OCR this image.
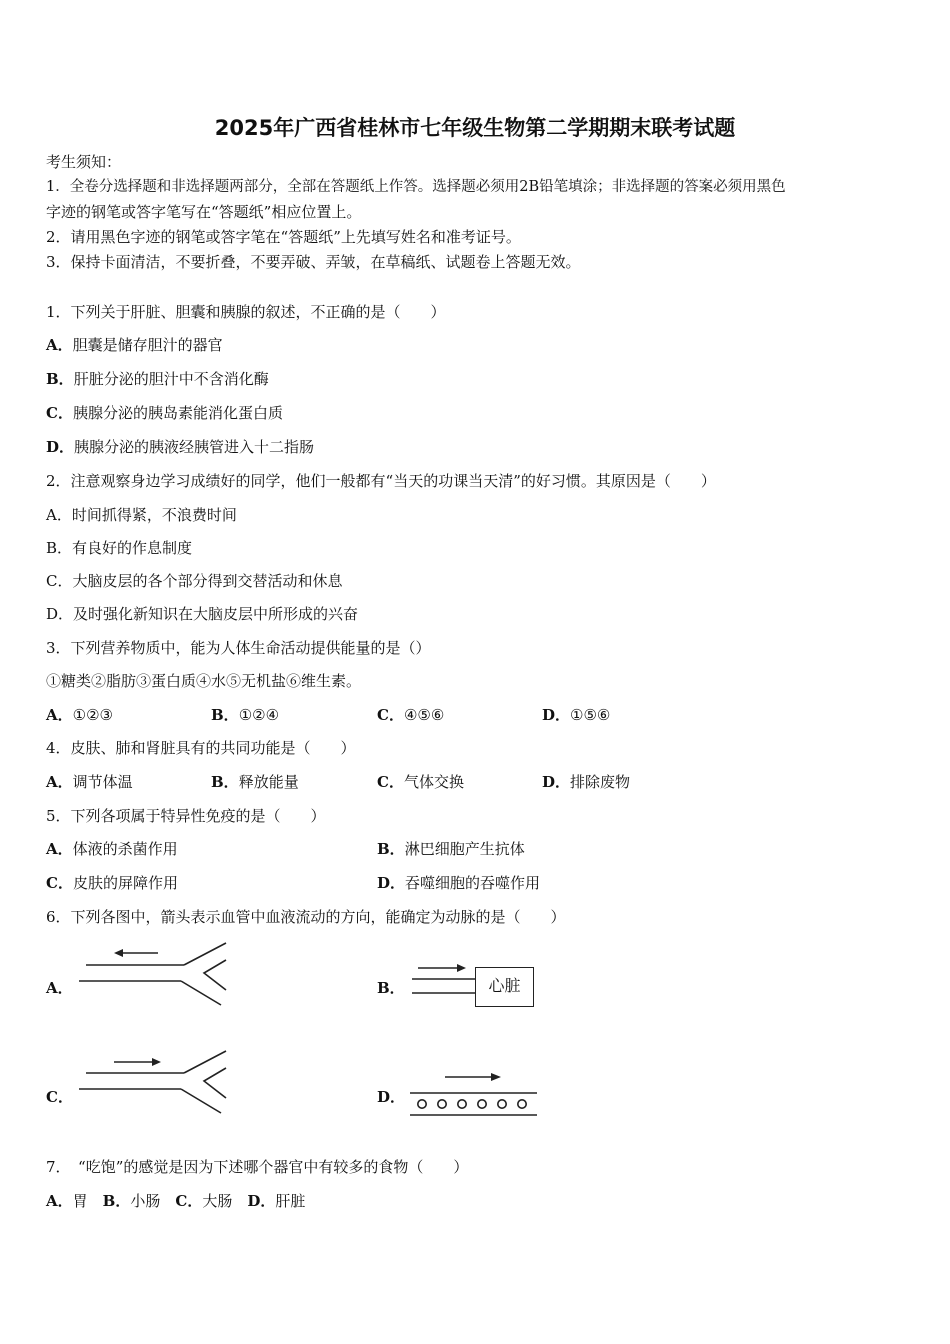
2025年广西省桂林市七年级生物第二学期期末联考试题
考生须知：
1．全卷分选择题和非选择题两部分，全部在答题纸上作答。选择题必须用2B铅笔填涂；非选择题的答案必须用黑色
字迹的钢笔或答字笔写在“答题纸”相应位置上。
2．请用黑色字迹的钢笔或答字笔在“答题纸”上先填写姓名和准考证号。
3．保持卡面清洁，不要折叠，不要弄破、弄皱，在草稿纸、试题卷上答题无效。
1．下列关于肝脏、胆囊和胰腺的叙述，不正确的是（　　）
A．胆囊是储存胆汁的器官
B．肝脏分泌的胆汁中不含消化酶
C．胰腺分泌的胰岛素能消化蛋白质
D．胰腺分泌的胰液经胰管进入十二指肠
2．注意观察身边学习成绩好的同学，他们一般都有“当天的功课当天清”的好习惯。其原因是（　　）
A．时间抓得紧，不浪费时间
B．有良好的作息制度
C．大脑皮层的各个部分得到交替活动和休息
D．及时强化新知识在大脑皮层中所形成的兴奋
3．下列营养物质中，能为人体生命活动提供能量的是（）
①糖类②脂肪③蛋白质④水⑤无机盐⑥维生素。
A．①②③	B．①②④	C．④⑤⑥	D．①⑤⑥
4．皮肤、肺和肾脏具有的共同功能是（　　）
A．调节体温	B．释放能量	C．气体交换	D．排除废物
5．下列各项属于特异性免疫的是（　　）
A．体液的杀菌作用	B．淋巴细胞产生抗体
C．皮肤的屏障作用	D．吞噬细胞的吞噬作用
6．下列各图中，箭头表示血管中血液流动的方向，能确定为动脉的是（　　）
A．	B．	心脏
C．	D．
7．　“吃饱”的感觉是因为下述哪个器官中有较多的食物（　　）
A．胃　 B．小肠　 C．大肠　 D．肝脏
